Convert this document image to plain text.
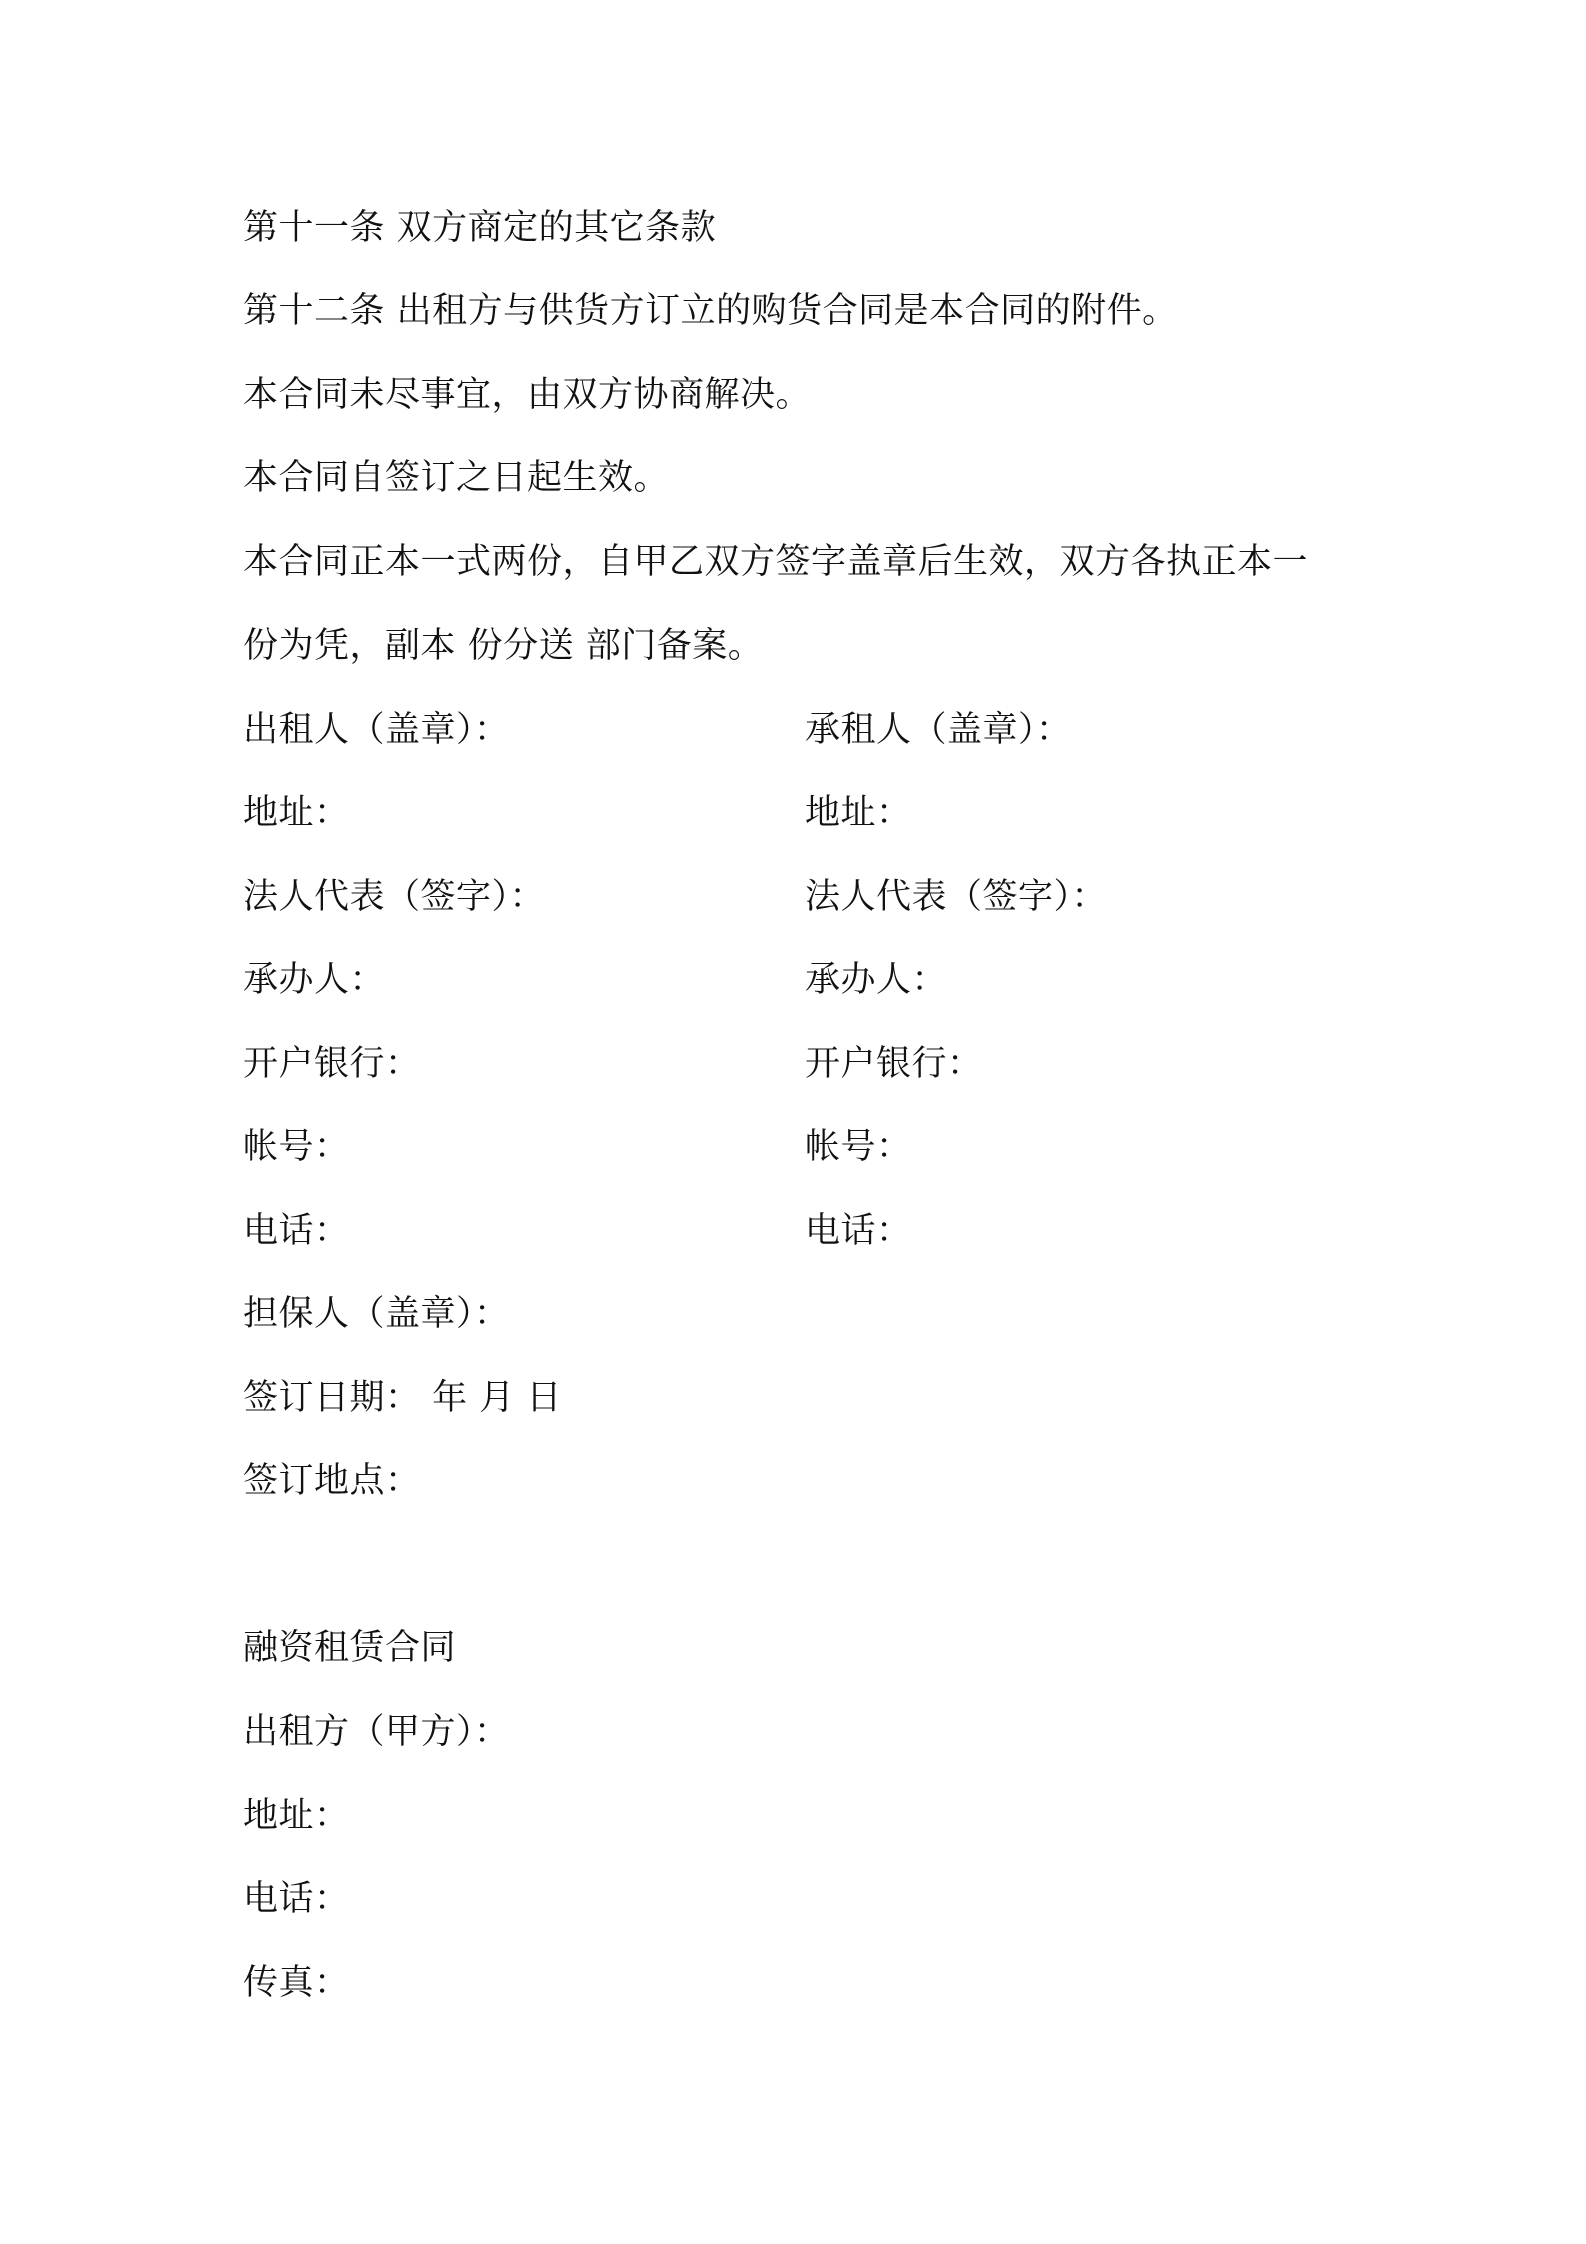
第十一条 双方商定的其它条款
第十二条 出租方与供货方订立的购货合同是本合同的附件。
本合同未尽事宜，由双方协商解决。
本合同自签订之日起生效。
本合同正本一式两份，自甲乙双方签字盖章后生效，双方各执正本一
份为凭，副本 份分送 部门备案。
出租人（盖章）：
地址：
法人代表（签字）：
承办人：
开户银行：
帐号：
电话：
承租人（盖章）：
地址：
法人代表（签字）：
承办人：
开户银行：
帐号：
电话：
担保人（盖章）：
签订日期： 年 月 日
签订地点：
融资租赁合同
出租方（甲方）：
地址：
电话：
传真：
